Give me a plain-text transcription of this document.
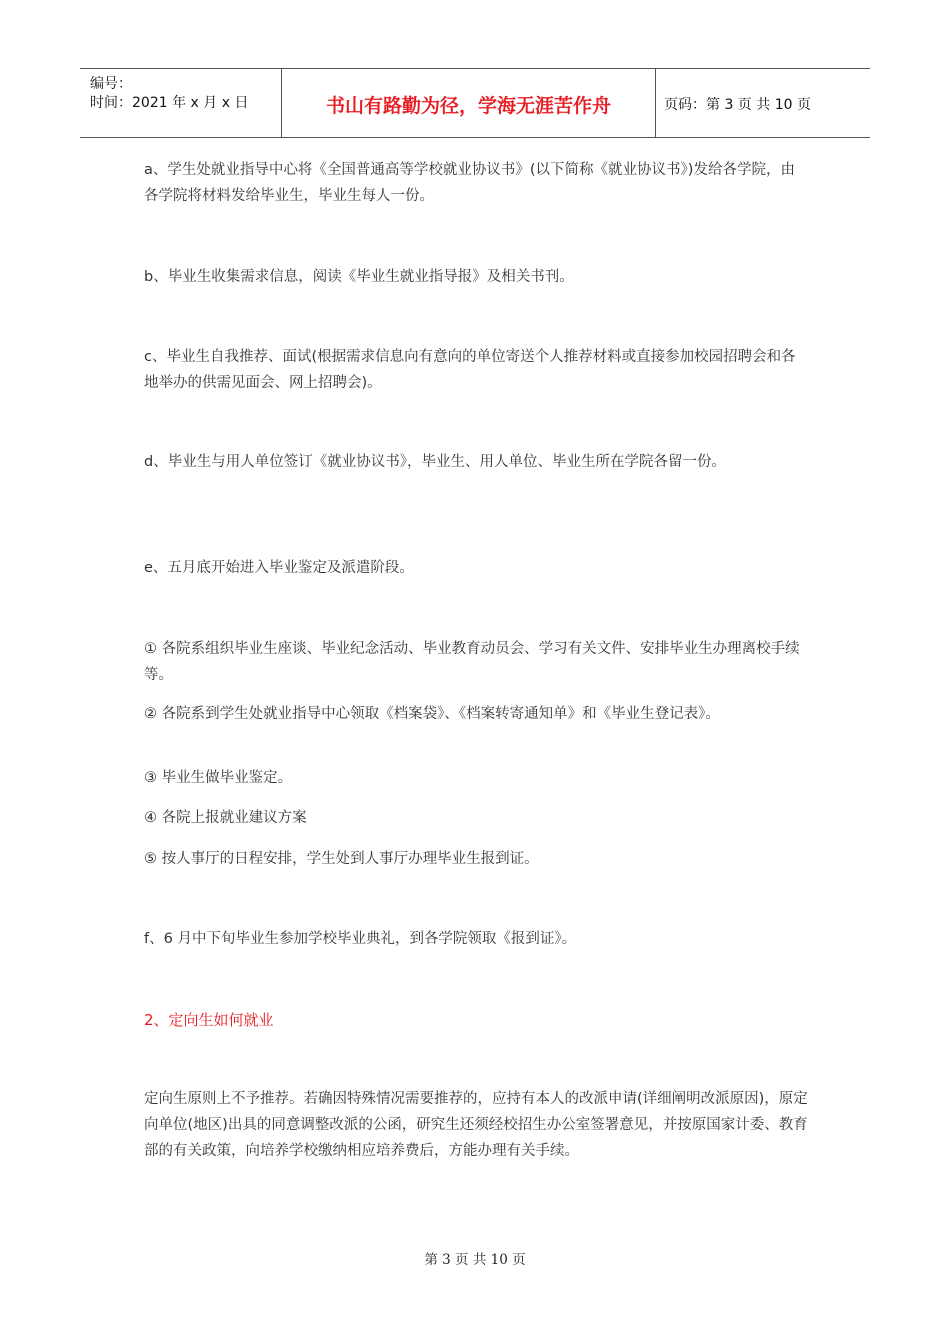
编号：
时间：2021 年 x 月 x 日	书山有路勤为径，学海无涯苦作舟	页码：第 3 页 共 10 页

a、学生处就业指导中心将《全国普通高等学校就业协议书》(以下简称《就业协议书》)发给各学院，由各学院将材料发给毕业生，毕业生每人一份。

b、毕业生收集需求信息，阅读《毕业生就业指导报》及相关书刊。

c、毕业生自我推荐、面试(根据需求信息向有意向的单位寄送个人推荐材料或直接参加校园招聘会和各地举办的供需见面会、网上招聘会)。

d、毕业生与用人单位签订《就业协议书》，毕业生、用人单位、毕业生所在学院各留一份。

e、五月底开始进入毕业鉴定及派遣阶段。

① 各院系组织毕业生座谈、毕业纪念活动、毕业教育动员会、学习有关文件、安排毕业生办理离校手续等。

② 各院系到学生处就业指导中心领取《档案袋》、《档案转寄通知单》和《毕业生登记表》。

③ 毕业生做毕业鉴定。

④ 各院上报就业建议方案

⑤ 按人事厅的日程安排，学生处到人事厅办理毕业生报到证。

f、6 月中下旬毕业生参加学校毕业典礼，到各学院领取《报到证》。

2、定向生如何就业

定向生原则上不予推荐。若确因特殊情况需要推荐的，应持有本人的改派申请(详细阐明改派原因)，原定向单位(地区)出具的同意调整改派的公函，研究生还须经校招生办公室签署意见，并按原国家计委、教育部的有关政策，向培养学校缴纳相应培养费后，方能办理有关手续。

第 3 页 共 10 页
